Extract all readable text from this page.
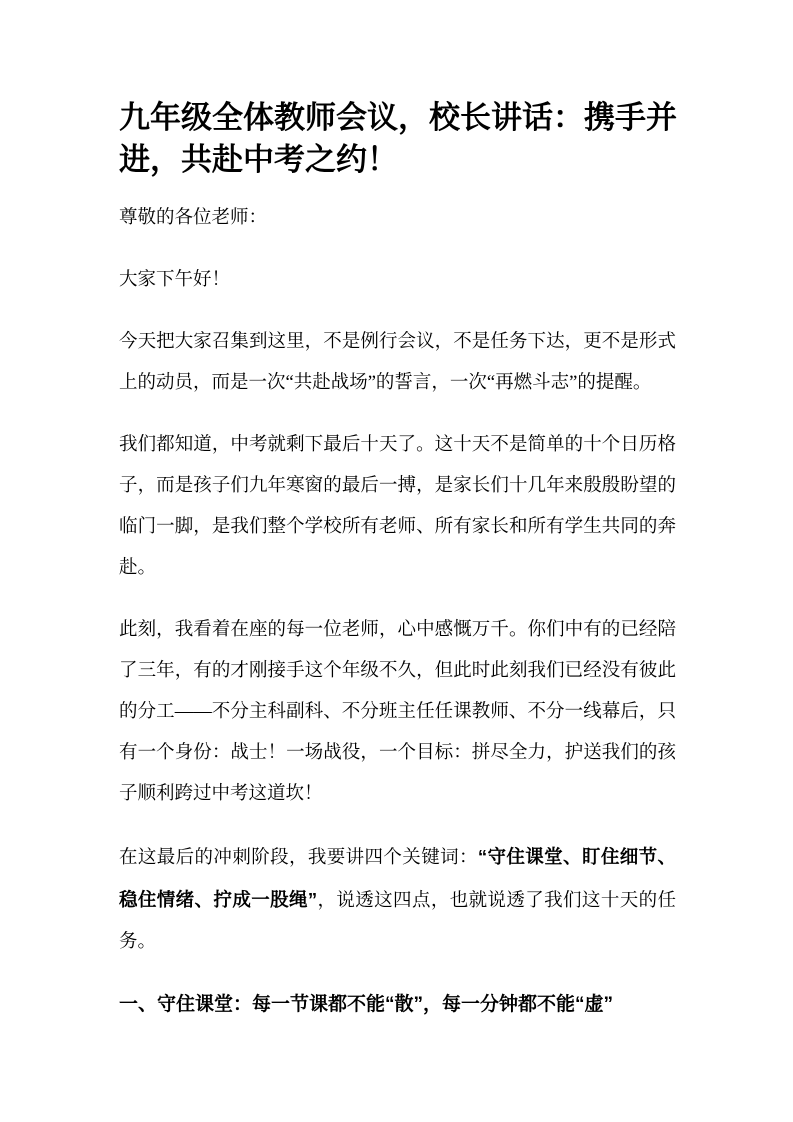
九年级全体教师会议，校长讲话：携手并
进，共赴中考之约！
尊敬的各位老师：
大家下午好！
今天把大家召集到这里，不是例行会议，不是任务下达，更不是形式
上的动员，而是一次“共赴战场”的誓言，一次“再燃斗志”的提醒。
我们都知道，中考就剩下最后十天了。这十天不是简单的十个日历格
子，而是孩子们九年寒窗的最后一搏，是家长们十几年来殷殷盼望的
临门一脚，是我们整个学校所有老师、所有家长和所有学生共同的奔
赴。
此刻，我看着在座的每一位老师，心中感慨万千。你们中有的已经陪
了三年，有的才刚接手这个年级不久，但此时此刻我们已经没有彼此
的分工——不分主科副科、不分班主任任课教师、不分一线幕后，只
有一个身份：战士！一场战役，一个目标：拼尽全力，护送我们的孩
子顺利跨过中考这道坎！
在这最后的冲刺阶段，我要讲四个关键词：“守住课堂、盯住细节、
稳住情绪、拧成一股绳”，说透这四点，也就说透了我们这十天的任
务。
一、守住课堂：每一节课都不能“散”，每一分钟都不能“虚”
